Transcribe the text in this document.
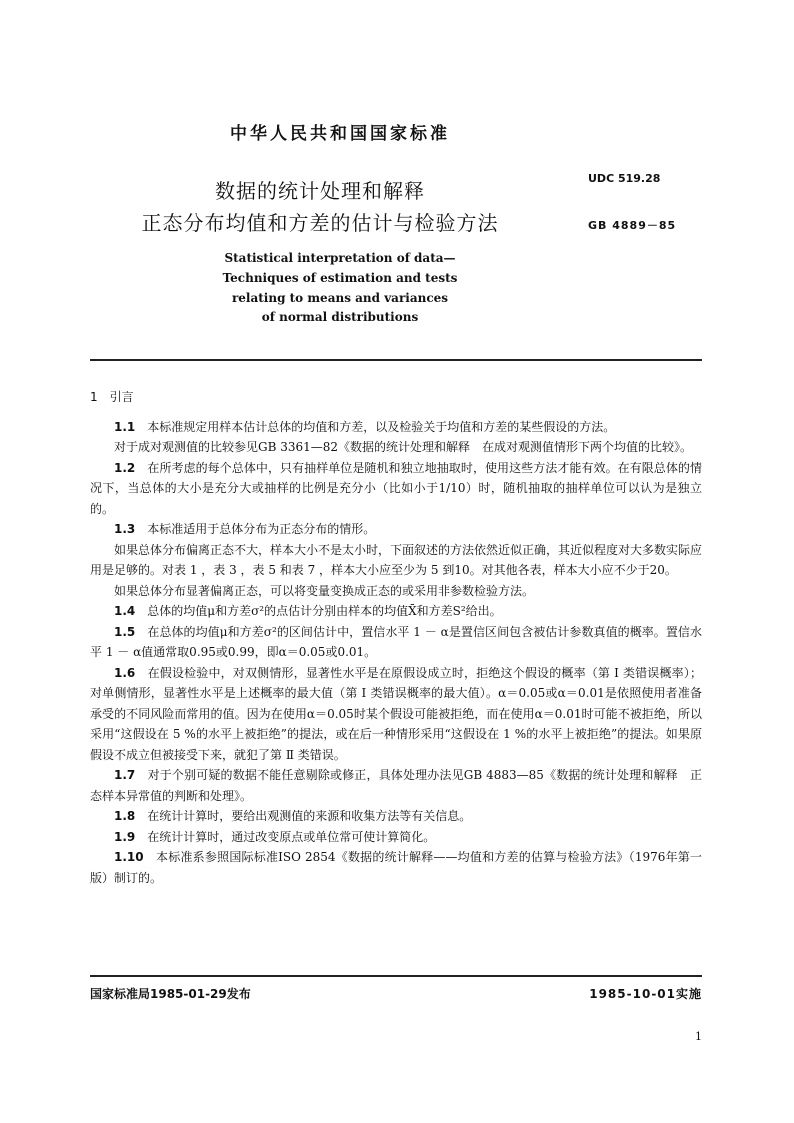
中华人民共和国国家标准
数据的统计处理和解释
正态分布均值和方差的估计与检验方法
UDC 519.28
GB 4889－85
Statistical interpretation of data—
Techniques of estimation and tests
relating to means and variances
of normal distributions

1　引言

1.1　 本标准规定用样本估计总体的均值和方差，以及检验关于均值和方差的某些假设的方法。

对于成对观测值的比较参见GB 3361—82《数据的统计处理和解释　在成对观测值情形下两个均值的比较》。

1.2　 在所考虑的每个总体中，只有抽样单位是随机和独立地抽取时，使用这些方法才能有效。在有限总体的情况下，当总体的大小是充分大或抽样的比例是充分小（比如小于1/10）时，随机抽取的抽样单位可以认为是独立的。

1.3　 本标准适用于总体分布为正态分布的情形。

如果总体分布偏离正态不大，样本大小不是太小时，下面叙述的方法依然近似正确，其近似程度对大多数实际应用是足够的。对表 1 ，表 3 ，表 5 和表 7 ，样本大小应至少为 5 到10。对其他各表，样本大小应不少于20。

如果总体分布显著偏离正态，可以将变量变换成正态的或采用非参数检验方法。

1.4　 总体的均值μ和方差σ²的点估计分别由样本的均值X̄和方差S²给出。

1.5　 在总体的均值μ和方差σ²的区间估计中，置信水平 1 － α是置信区间包含被估计参数真值的概率。置信水平 1 － α值通常取0.95或0.99，即α＝0.05或0.01。

1.6　 在假设检验中，对双侧情形，显著性水平是在原假设成立时，拒绝这个假设的概率（第 Ⅰ 类错误概率）；对单侧情形，显著性水平是上述概率的最大值（第 Ⅰ 类错误概率的最大值）。α＝0.05或α＝0.01是依照使用者准备承受的不同风险而常用的值。因为在使用α＝0.05时某个假设可能被拒绝，而在使用α＝0.01时可能不被拒绝，所以采用“这假设在 5 %的水平上被拒绝”的提法，或在后一种情形采用“这假设在 1 %的水平上被拒绝”的提法。如果原假设不成立但被接受下来，就犯了第 Ⅱ 类错误。

1.7　 对于个别可疑的数据不能任意剔除或修正，具体处理办法见GB 4883—85《数据的统计处理和解释　正态样本异常值的判断和处理》。

1.8　 在统计计算时，要给出观测值的来源和收集方法等有关信息。

1.9　 在统计计算时，通过改变原点或单位常可使计算简化。

1.10　 本标准系参照国际标准ISO 2854《数据的统计解释——均值和方差的估算与检验方法》（1976年第一版）制订的。

国家标准局1985-01-29发布	1985-10-01实施
1
